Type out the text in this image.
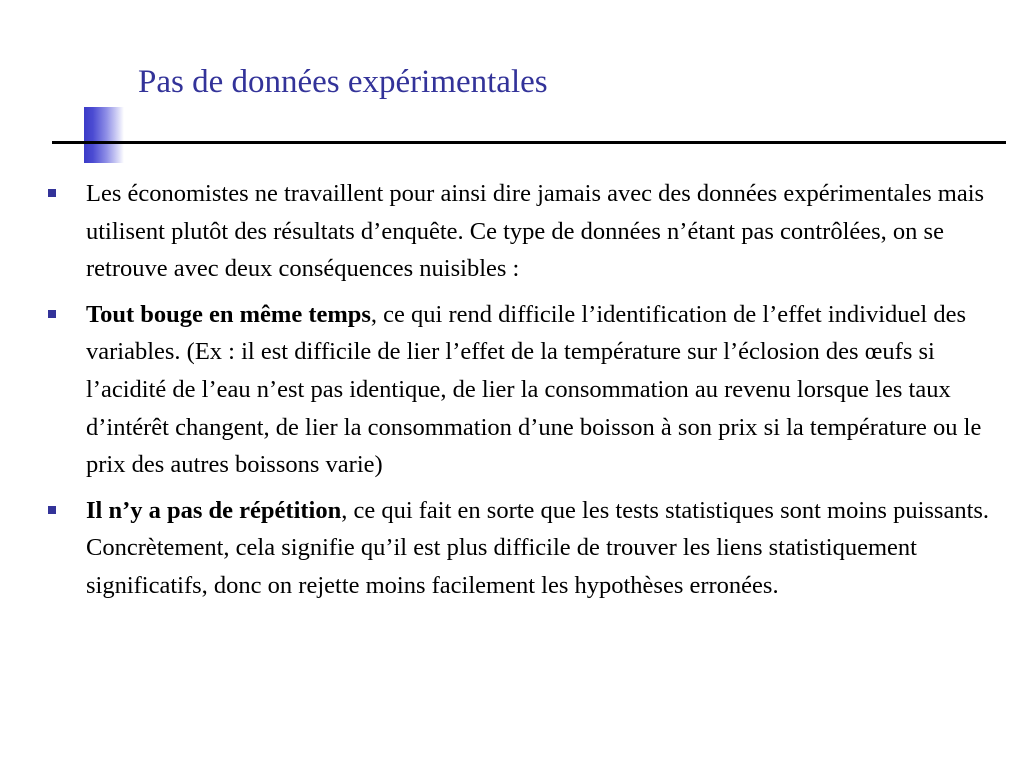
Pas de données expérimentales
Les économistes ne travaillent pour ainsi dire jamais avec des données expérimentales mais utilisent plutôt des résultats d’enquête. Ce type de données n’étant pas contrôlées, on se retrouve avec deux conséquences nuisibles :
Tout bouge en même temps, ce qui rend difficile l’identification de l’effet individuel des variables. (Ex : il est difficile de lier l’effet de la température sur l’éclosion des œufs si l’acidité de l’eau n’est pas identique, de lier la consommation au revenu lorsque les taux d’intérêt changent, de lier la consommation d’une boisson à son prix si la température ou le prix des autres boissons varie)
Il n’y a pas de répétition, ce qui fait en sorte que les tests statistiques sont moins puissants. Concrètement, cela signifie qu’il est plus difficile de trouver les liens statistiquement significatifs, donc on rejette moins facilement les hypothèses erronées.
